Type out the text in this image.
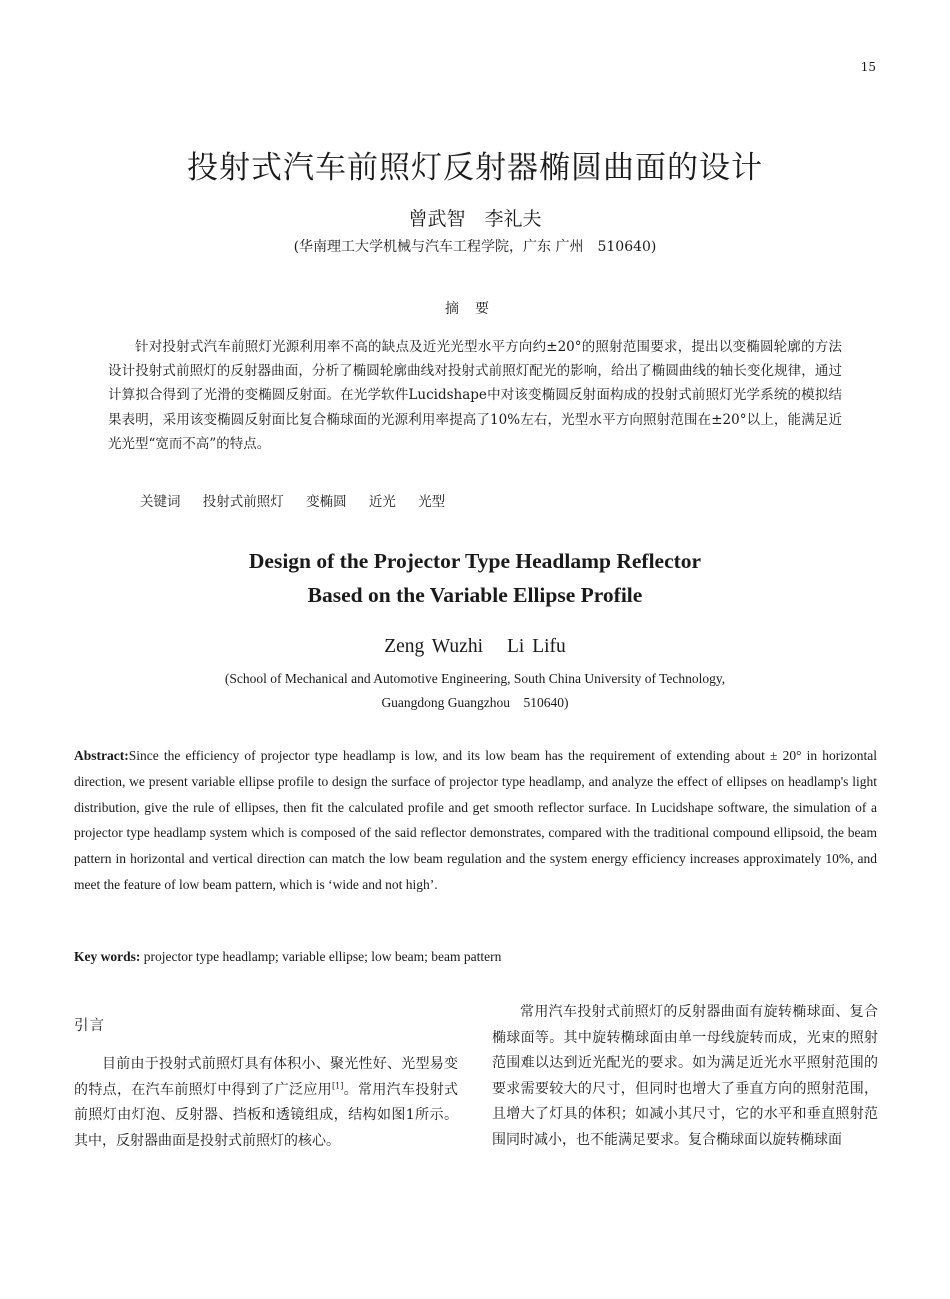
15
投射式汽车前照灯反射器椭圆曲面的设计
曾武智　李礼夫
(华南理工大学机械与汽车工程学院，广东 广州　510640)
摘要

针对投射式汽车前照灯光源利用率不高的缺点及近光光型水平方向约±20°的照射范围要求，提出以变椭圆轮廓的方法设计投射式前照灯的反射器曲面，分析了椭圆轮廓曲线对投射式前照灯配光的影响，给出了椭圆曲线的轴长变化规律，通过计算拟合得到了光滑的变椭圆反射面。在光学软件Lucidshape中对该变椭圆反射面构成的投射式前照灯光学系统的模拟结果表明，采用该变椭圆反射面比复合椭球面的光源利用率提高了10%左右，光型水平方向照射范围在±20°以上，能满足近光光型“宽而不高”的特点。

关键词 投射式前照灯 变椭圆 近光 光型
Design of the Projector Type Headlamp Reflector
Based on the Variable Ellipse Profile
Zeng Wuzhi Li Lifu
(School of Mechanical and Automotive Engineering, South China University of Technology,
Guangdong Guangzhou　510640)

Abstract:Since the efficiency of projector type headlamp is low, and its low beam has the requirement of extending about ± 20° in horizontal direction, we present variable ellipse profile to design the surface of projector type headlamp, and analyze the effect of ellipses on headlamp's light distribution, give the rule of ellipses, then fit the calculated profile and get smooth reflector surface. In Lucidshape software, the simulation of a projector type headlamp system which is composed of the said reflector demonstrates, compared with the traditional compound ellipsoid, the beam pattern in horizontal and vertical direction can match the low beam regulation and the system energy efficiency increases approximately 10%, and meet the feature of low beam pattern, which is ‘wide and not high’.

Key words: projector type headlamp; variable ellipse; low beam; beam pattern
引言

目前由于投射式前照灯具有体积小、聚光性好、光型易变的特点，在汽车前照灯中得到了广泛应用[1]。常用汽车投射式前照灯由灯泡、反射器、挡板和透镜组成，结构如图1所示。其中，反射器曲面是投射式前照灯的核心。

常用汽车投射式前照灯的反射器曲面有旋转椭球面、复合椭球面等。其中旋转椭球面由单一母线旋转而成，光束的照射范围难以达到近光配光的要求。如为满足近光水平照射范围的要求需要较大的尺寸，但同时也增大了垂直方向的照射范围，且增大了灯具的体积；如减小其尺寸，它的水平和垂直照射范围同时减小，也不能满足要求。复合椭球面以旋转椭球面
